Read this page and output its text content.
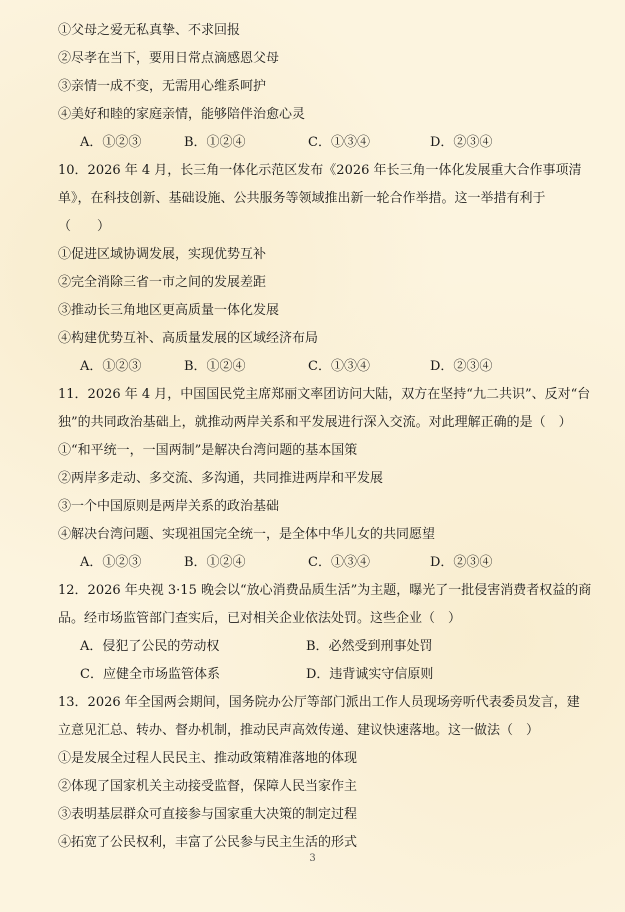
①父母之爱无私真挚、不求回报
②尽孝在当下，要用日常点滴感恩父母
③亲情一成不变，无需用心维系呵护
④美好和睦的家庭亲情，能够陪伴治愈心灵
A．①②③	B．①②④	C．①③④	D．②③④
10．2026 年 4 月，长三角一体化示范区发布《2026 年长三角一体化发展重大合作事项清
单》，在科技创新、基础设施、公共服务等领域推出新一轮合作举措。这一举措有利于
（　　）
①促进区域协调发展，实现优势互补
②完全消除三省一市之间的发展差距
③推动长三角地区更高质量一体化发展
④构建优势互补、高质量发展的区域经济布局
A．①②③	B．①②④	C．①③④	D．②③④
11．2026 年 4 月，中国国民党主席郑丽文率团访问大陆，双方在坚持“九二共识”、反对“台
独”的共同政治基础上，就推动两岸关系和平发展进行深入交流。对此理解正确的是（　）
①“和平统一，一国两制”是解决台湾问题的基本国策
②两岸多走动、多交流、多沟通，共同推进两岸和平发展
③一个中国原则是两岸关系的政治基础
④解决台湾问题、实现祖国完全统一，是全体中华儿女的共同愿望
A．①②③	B．①②④	C．①③④	D．②③④
12．2026 年央视 3·15 晚会以“放心消费品质生活”为主题，曝光了一批侵害消费者权益的商
品。经市场监管部门查实后，已对相关企业依法处罚。这些企业（　）
A．侵犯了公民的劳动权	B．必然受到刑事处罚
C．应健全市场监管体系	D．违背诚实守信原则
13．2026 年全国两会期间，国务院办公厅等部门派出工作人员现场旁听代表委员发言，建
立意见汇总、转办、督办机制，推动民声高效传递、建议快速落地。这一做法（　）
①是发展全过程人民民主、推动政策精准落地的体现
②体现了国家机关主动接受监督，保障人民当家作主
③表明基层群众可直接参与国家重大决策的制定过程
④拓宽了公民权利，丰富了公民参与民主生活的形式
3
